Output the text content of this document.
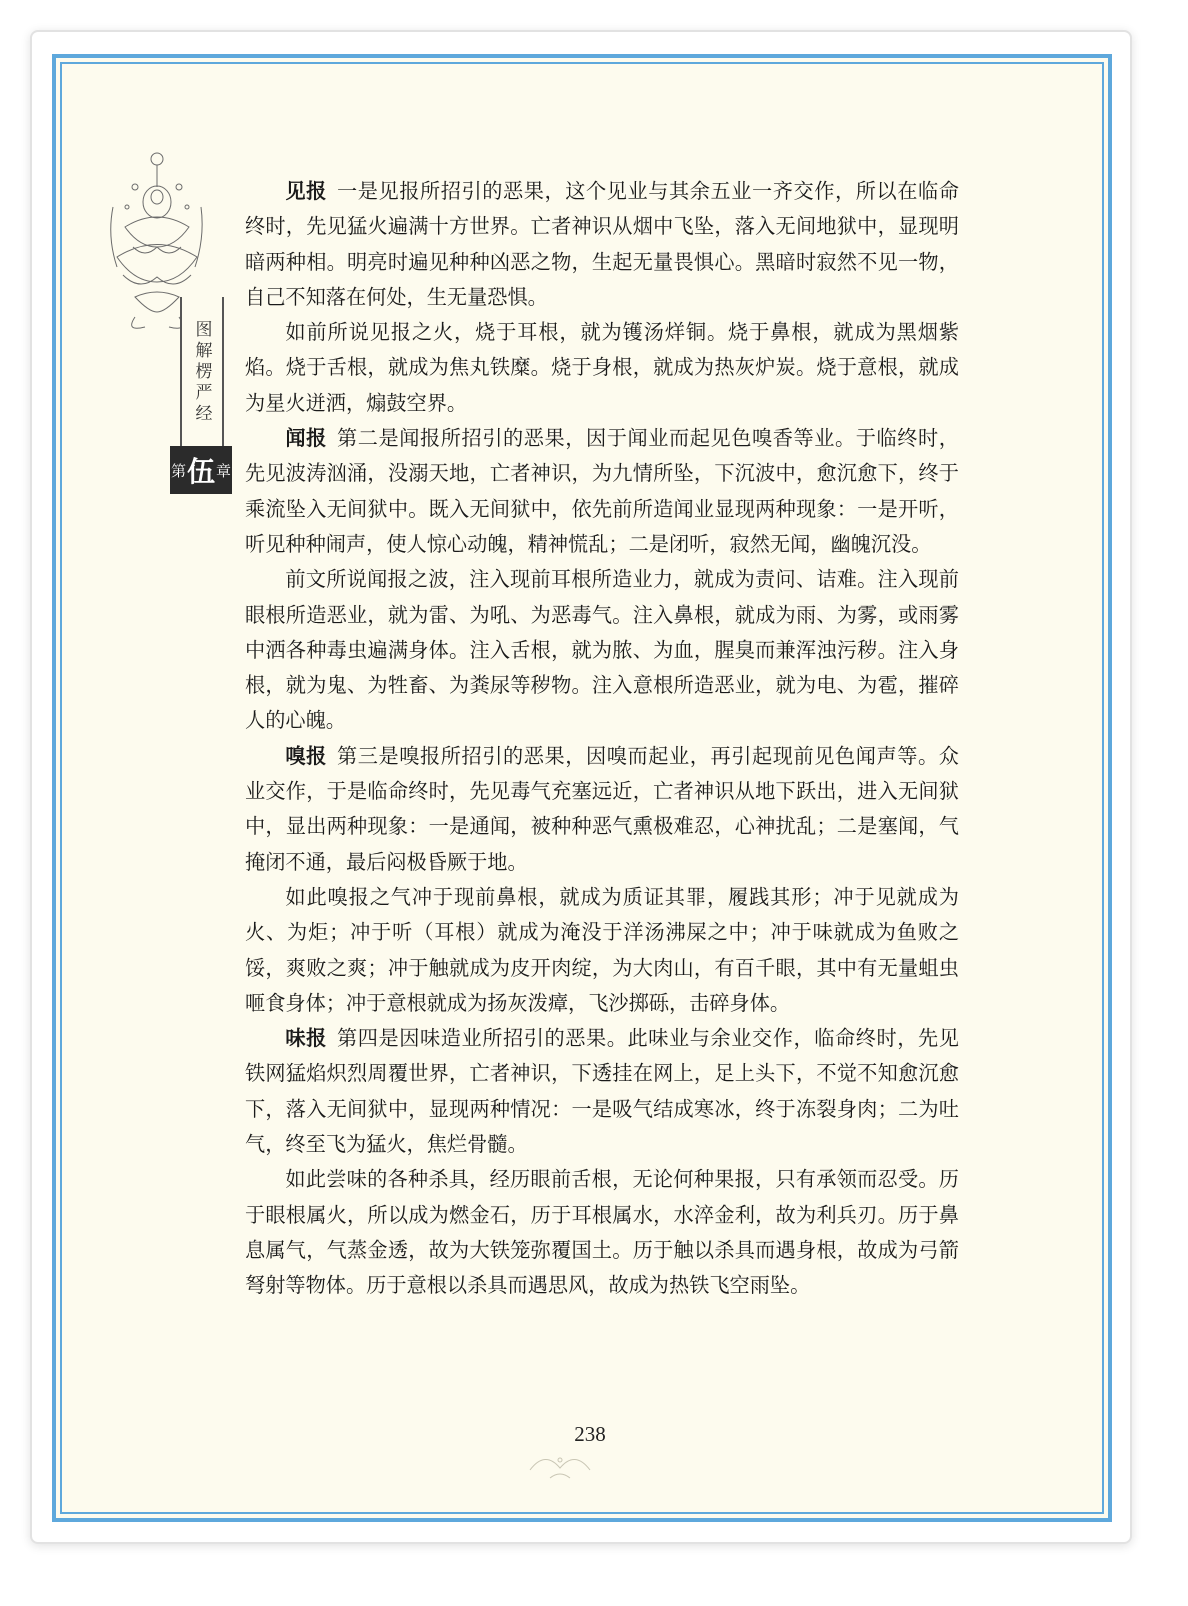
图解楞严经
第 伍 章

见报 一是见报所招引的恶果，这个见业与其余五业一齐交作，所以在临命终时，先见猛火遍满十方世界。亡者神识从烟中飞坠，落入无间地狱中，显现明暗两种相。明亮时遍见种种凶恶之物，生起无量畏惧心。黑暗时寂然不见一物，自己不知落在何处，生无量恐惧。

如前所说见报之火，烧于耳根，就为镬汤烊铜。烧于鼻根，就成为黑烟紫焰。烧于舌根，就成为焦丸铁糜。烧于身根，就成为热灰炉炭。烧于意根，就成为星火迸洒，煽鼓空界。

闻报 第二是闻报所招引的恶果，因于闻业而起见色嗅香等业。于临终时，先见波涛汹涌，没溺天地，亡者神识，为九情所坠，下沉波中，愈沉愈下，终于乘流坠入无间狱中。既入无间狱中，依先前所造闻业显现两种现象：一是开听，听见种种闹声，使人惊心动魄，精神慌乱；二是闭听，寂然无闻，幽魄沉没。

前文所说闻报之波，注入现前耳根所造业力，就成为责问、诘难。注入现前眼根所造恶业，就为雷、为吼、为恶毒气。注入鼻根，就成为雨、为雾，或雨雾中洒各种毒虫遍满身体。注入舌根，就为脓、为血，腥臭而兼浑浊污秽。注入身根，就为鬼、为牲畜、为粪尿等秽物。注入意根所造恶业，就为电、为雹，摧碎人的心魄。

嗅报 第三是嗅报所招引的恶果，因嗅而起业，再引起现前见色闻声等。众业交作，于是临命终时，先见毒气充塞远近，亡者神识从地下跃出，进入无间狱中，显出两种现象：一是通闻，被种种恶气熏极难忍，心神扰乱；二是塞闻，气掩闭不通，最后闷极昏厥于地。

如此嗅报之气冲于现前鼻根，就成为质证其罪，履践其形；冲于见就成为火、为炬；冲于听（耳根）就成为淹没于洋汤沸屎之中；冲于味就成为鱼败之馁，爽败之爽；冲于触就成为皮开肉绽，为大肉山，有百千眼，其中有无量蛆虫咂食身体；冲于意根就成为扬灰泼瘴，飞沙掷砾，击碎身体。

味报 第四是因味造业所招引的恶果。此味业与余业交作，临命终时，先见铁网猛焰炽烈周覆世界，亡者神识，下透挂在网上，足上头下，不觉不知愈沉愈下，落入无间狱中，显现两种情况：一是吸气结成寒冰，终于冻裂身肉；二为吐气，终至飞为猛火，焦烂骨髓。

如此尝味的各种杀具，经历眼前舌根，无论何种果报，只有承领而忍受。历于眼根属火，所以成为燃金石，历于耳根属水，水淬金利，故为利兵刃。历于鼻息属气，气蒸金透，故为大铁笼弥覆国土。历于触以杀具而遇身根，故成为弓箭弩射等物体。历于意根以杀具而遇思风，故成为热铁飞空雨坠。

238
